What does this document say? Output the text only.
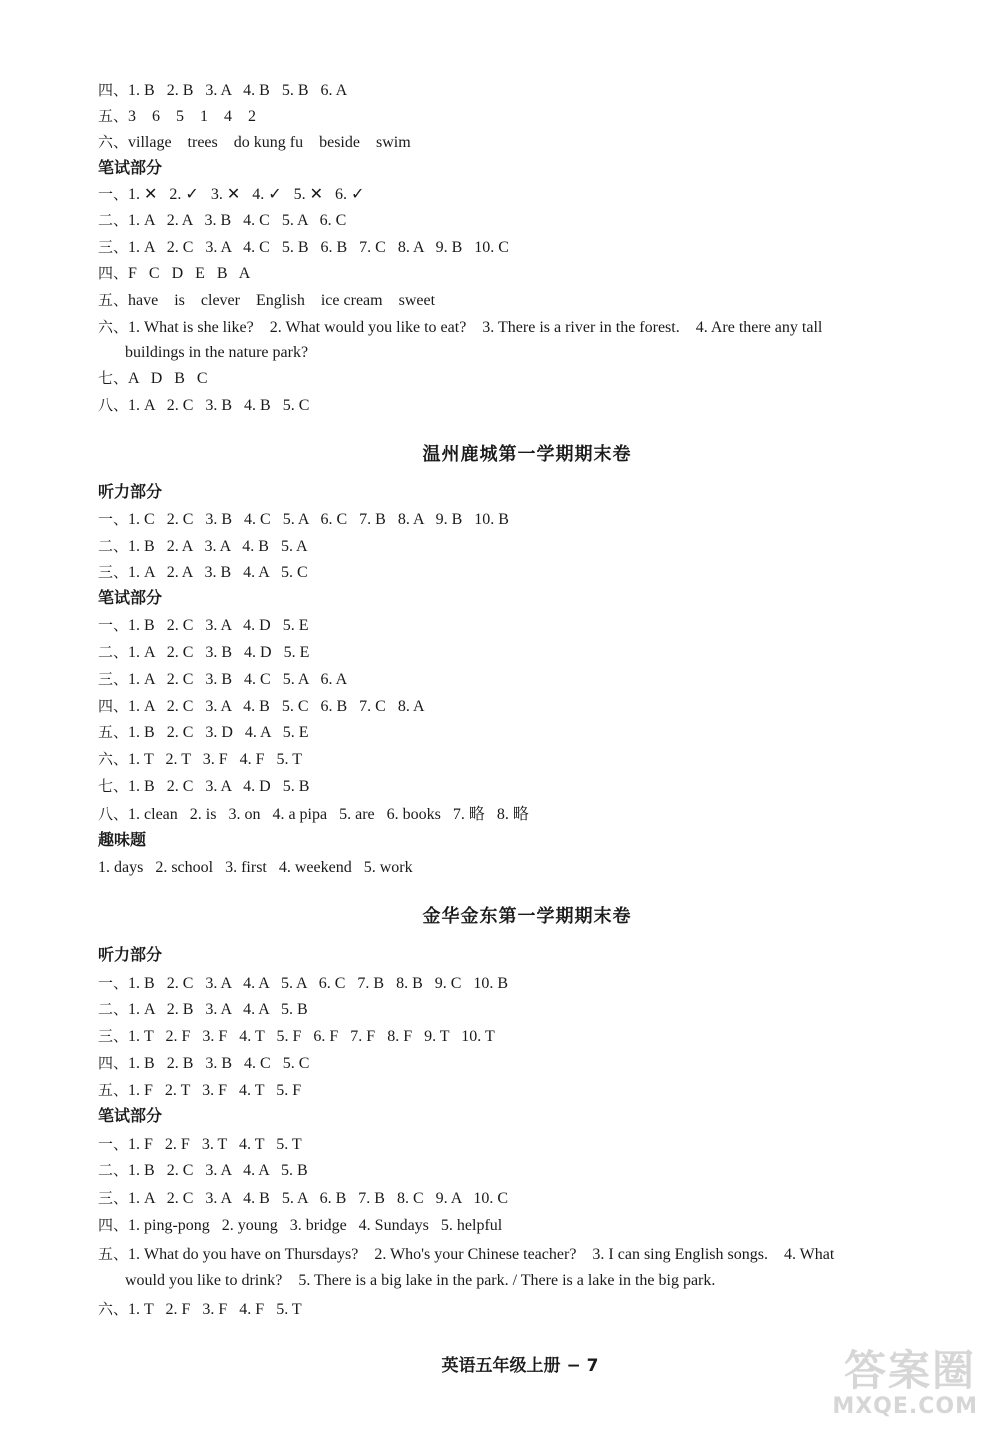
四、1. B   2. B   3. A   4. B   5. B   6. A
五、3    6    5    1    4    2
六、village    trees    do kung fu    beside    swim
笔试部分
一、1. ✕   2. ✓   3. ✕   4. ✓   5. ✕   6. ✓
二、1. A   2. A   3. B   4. C   5. A   6. C
三、1. A   2. C   3. A   4. C   5. B   6. B   7. C   8. A   9. B   10. C
四、F   C   D   E   B   A
五、have    is    clever    English    ice cream    sweet
六、1. What is she like?    2. What would you like to eat?    3. There is a river in the forest.    4. Are there any tall
buildings in the nature park?
七、A   D   B   C
八、1. A   2. C   3. B   4. B   5. C
温州鹿城第一学期期末卷
听力部分
一、1. C   2. C   3. B   4. C   5. A   6. C   7. B   8. A   9. B   10. B
二、1. B   2. A   3. A   4. B   5. A
三、1. A   2. A   3. B   4. A   5. C
笔试部分
一、1. B   2. C   3. A   4. D   5. E
二、1. A   2. C   3. B   4. D   5. E
三、1. A   2. C   3. B   4. C   5. A   6. A
四、1. A   2. C   3. A   4. B   5. C   6. B   7. C   8. A
五、1. B   2. C   3. D   4. A   5. E
六、1. T   2. T   3. F   4. F   5. T
七、1. B   2. C   3. A   4. D   5. B
八、1. clean   2. is   3. on   4. a pipa   5. are   6. books   7. 略   8. 略
趣味题
1. days   2. school   3. first   4. weekend   5. work
金华金东第一学期期末卷
听力部分
一、1. B   2. C   3. A   4. A   5. A   6. C   7. B   8. B   9. C   10. B
二、1. A   2. B   3. A   4. A   5. B
三、1. T   2. F   3. F   4. T   5. F   6. F   7. F   8. F   9. T   10. T
四、1. B   2. B   3. B   4. C   5. C
五、1. F   2. T   3. F   4. T   5. F
笔试部分
一、1. F   2. F   3. T   4. T   5. T
二、1. B   2. C   3. A   4. A   5. B
三、1. A   2. C   3. A   4. B   5. A   6. B   7. B   8. C   9. A   10. C
四、1. ping-pong   2. young   3. bridge   4. Sundays   5. helpful
五、1. What do you have on Thursdays?    2. Who's your Chinese teacher?    3. I can sing English songs.    4. What
would you like to drink?    5. There is a big lake in the park. / There is a lake in the big park.
六、1. T   2. F   3. F   4. F   5. T
英语五年级上册 − 7	答案圈
MXQE.COM
